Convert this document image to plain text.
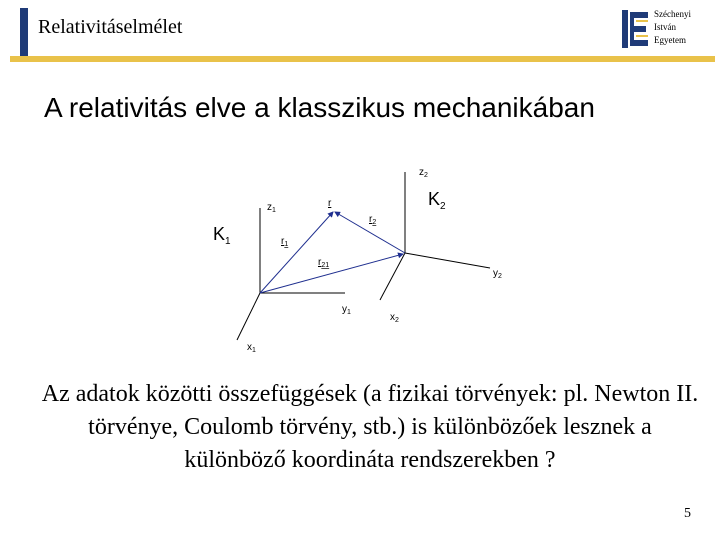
Relativitáselmélet
Széchenyi
István
Egyetem
A relativitás elve a klasszikus mechanikában
$K_1$
$K_2$
$z_1$
$y_1$
$x_1$
$z_2$
$y_2$
$x_2$
r
$r_1$
$r_2$
$r_{21}$
Az adatok közötti összefüggések (a fizikai törvények: pl. Newton II. törvénye, Coulomb törvény, stb.) is különbözőek lesznek a különböző koordináta rendszerekben ?
5
